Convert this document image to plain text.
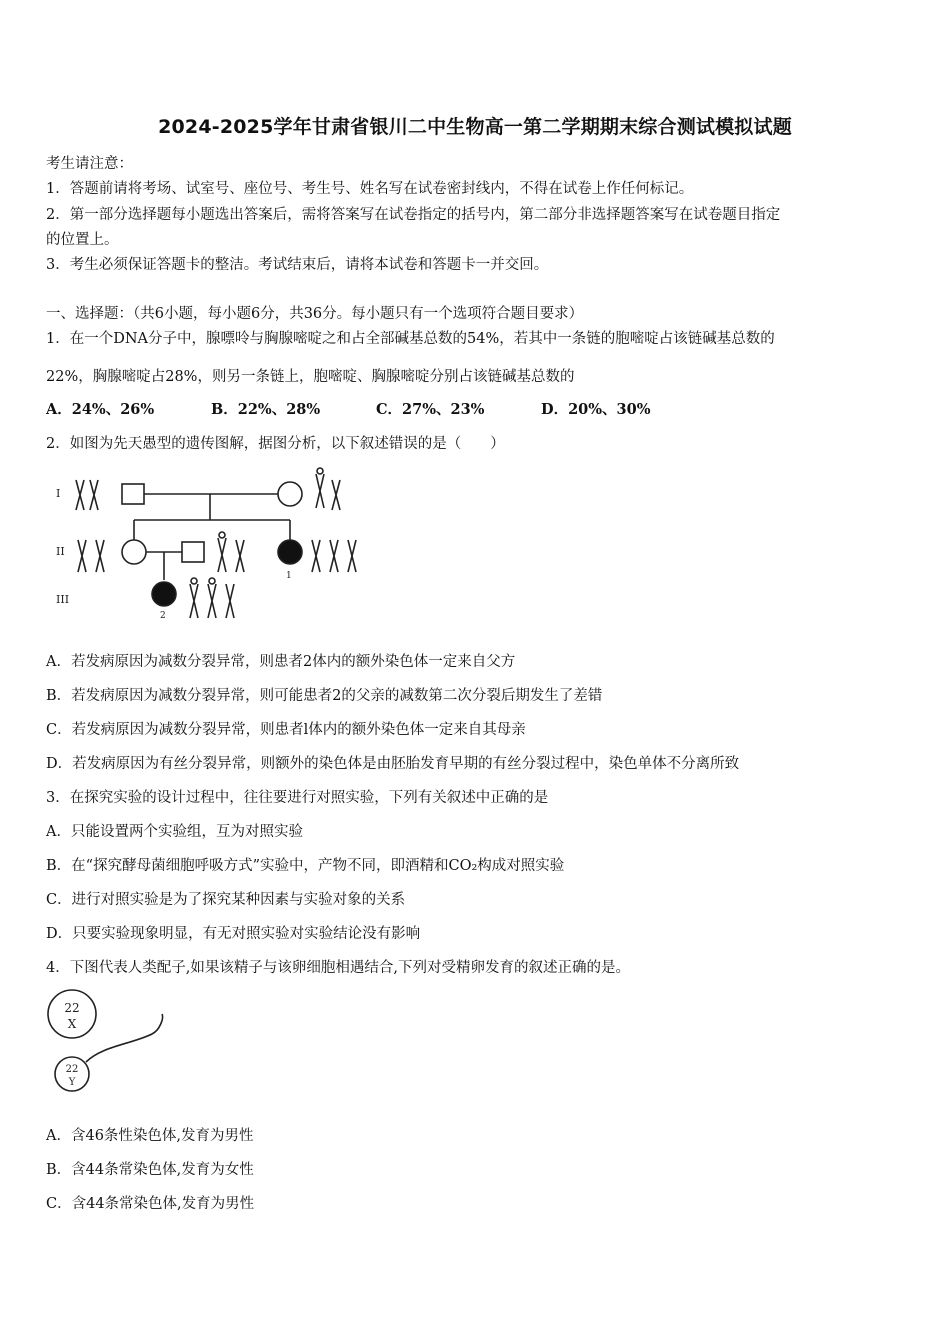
2024-2025学年甘肃省银川二中生物高一第二学期期末综合测试模拟试题
考生请注意：
1．答题前请将考场、试室号、座位号、考生号、姓名写在试卷密封线内，不得在试卷上作任何标记。
2．第一部分选择题每小题选出答案后，需将答案写在试卷指定的括号内，第二部分非选择题答案写在试卷题目指定
的位置上。
3．考生必须保证答题卡的整洁。考试结束后，请将本试卷和答题卡一并交回。
一、选择题：（共6小题，每小题6分，共36分。每小题只有一个选项符合题目要求）
1．在一个DNA分子中，腺嘌呤与胸腺嘧啶之和占全部碱基总数的54%，若其中一条链的胞嘧啶占该链碱基总数的
22%，胸腺嘧啶占28%，则另一条链上，胞嘧啶、胸腺嘧啶分别占该链碱基总数的
A．24%、26%	B．22%、28%	C．27%、23%	D．20%、30%
2．如图为先天愚型的遗传图解，据图分析，以下叙述错误的是（　　）
I
II
III
1
2
A．若发病原因为减数分裂异常，则患者2体内的额外染色体一定来自父方
B．若发病原因为减数分裂异常，则可能患者2的父亲的减数第二次分裂后期发生了差错
C．若发病原因为减数分裂异常，则患者l体内的额外染色体一定来自其母亲
D．若发病原因为有丝分裂异常，则额外的染色体是由胚胎发育早期的有丝分裂过程中，染色单体不分离所致
3．在探究实验的设计过程中，往往要进行对照实验，下列有关叙述中正确的是
A．只能设置两个实验组，互为对照实验
B．在“探究酵母菌细胞呼吸方式”实验中，产物不同，即酒精和CO₂构成对照实验
C．进行对照实验是为了探究某种因素与实验对象的关系
D．只要实验现象明显，有无对照实验对实验结论没有影响
4．下图代表人类配子,如果该精子与该卵细胞相遇结合,下列对受精卵发育的叙述正确的是。
22
X
22
Y
A．含46条性染色体,发育为男性
B．含44条常染色体,发育为女性
C．含44条常染色体,发育为男性
